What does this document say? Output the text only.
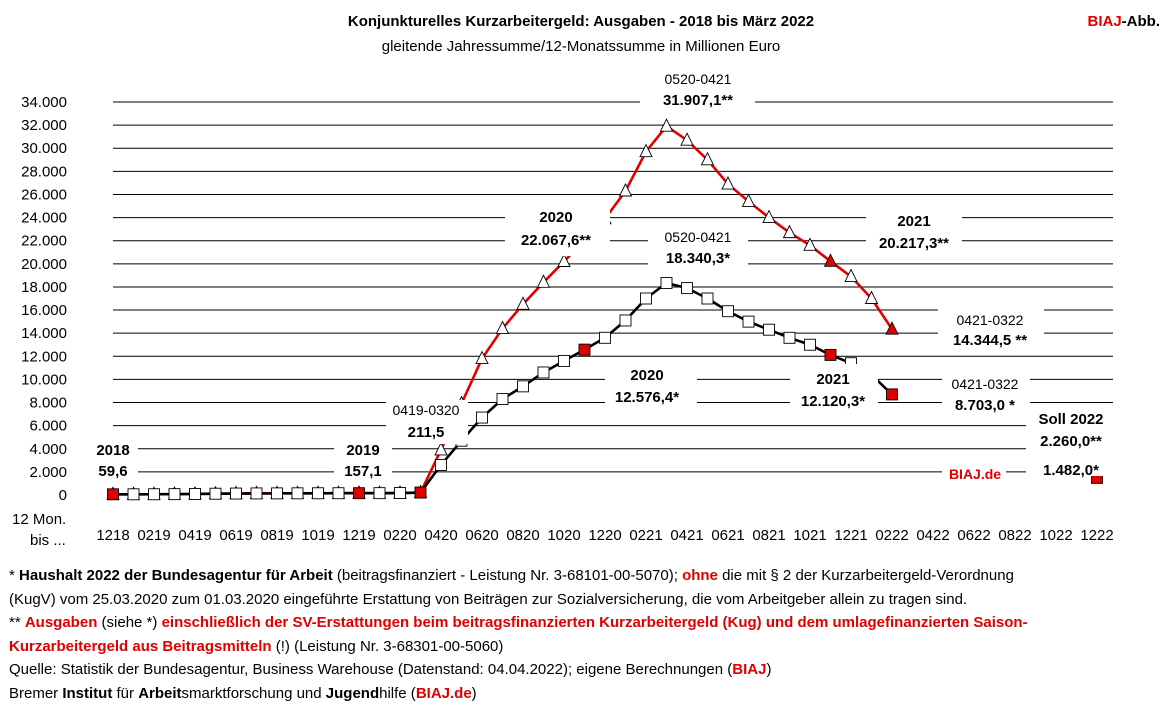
Konjunkturelles Kurzarbeitergeld: Ausgaben - 2018 bis März 2022
gleitende Jahressumme/12-Monatssumme in Millionen Euro
BIAJ-Abb.
0
2.000
4.000
6.000
8.000
10.000
12.000
14.000
16.000
18.000
20.000
22.000
24.000
26.000
28.000
30.000
32.000
34.000
1218 0219 0419 0619 0819 1019 1219 0220 0420 0620 0820 1020 1220 0221 0421 0621 0821 1021 1221 0222 0422 0622 0822 1022 1222
12 Mon.
bis ...
0520-0421
31.907,1**
2020
22.067,6**	0520-0421
18.340,3*
2021
20.217,3**
0421-0322
14.344,5 **
2020
12.576,4*
2021
12.120,3*
0421-0322
8.703,0 *
0419-0320
211,5
Soll 2022
2.260,0**
1.482,0*
2018
59,6
2019
157,1	BIAJ.de
* Haushalt 2022 der Bundesagentur für Arbeit (beitragsfinanziert - Leistung Nr. 3-68101-00-5070); ohne die mit § 2 der Kurzarbeitergeld-Verordnung
(KugV) vom 25.03.2020 zum 01.03.2020 eingeführte Erstattung von Beiträgen zur Sozialversicherung, die vom Arbeitgeber allein zu tragen sind.
** Ausgaben (siehe *) einschließlich der SV-Erstattungen beim beitragsfinanzierten Kurzarbeitergeld (Kug) und dem umlagefinanzierten Saison-
Kurzarbeitergeld aus Beitragsmitteln (!) (Leistung Nr. 3-68301-00-5060)
Quelle: Statistik der Bundesagentur, Business Warehouse (Datenstand: 04.04.2022); eigene Berechnungen (BIAJ)
Bremer Institut für Arbeitsmarktforschung und Jugendhilfe (BIAJ.de)
